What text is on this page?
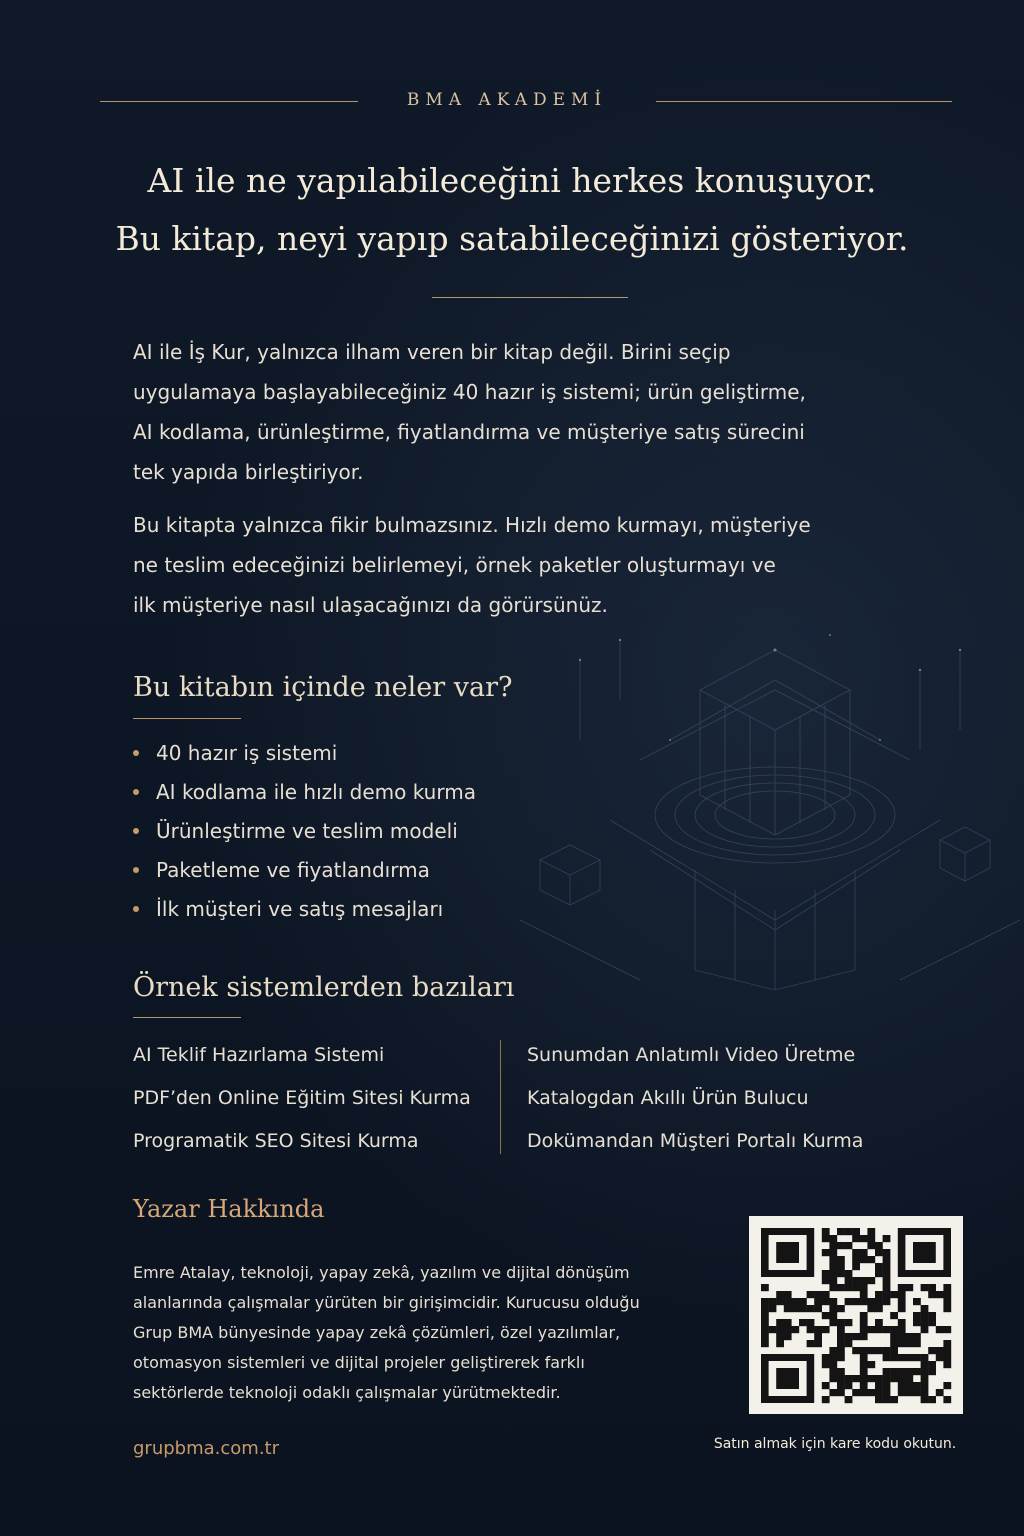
BMA AKADEMİ
AI ile ne yapılabileceğini herkes konuşuyor.
Bu kitap, neyi yapıp satabileceğinizi gösteriyor.
AI ile İş Kur, yalnızca ilham veren bir kitap değil. Birini seçip
uygulamaya başlayabileceğiniz 40 hazır iş sistemi; ürün geliştirme,
AI kodlama, ürünleştirme, fiyatlandırma ve müşteriye satış sürecini
tek yapıda birleştiriyor.
Bu kitapta yalnızca fikir bulmazsınız. Hızlı demo kurmayı, müşteriye
ne teslim edeceğinizi belirlemeyi, örnek paketler oluşturmayı ve
ilk müşteriye nasıl ulaşacağınızı da görürsünüz.
Bu kitabın içinde neler var?
40 hazır iş sistemi
AI kodlama ile hızlı demo kurma
Ürünleştirme ve teslim modeli
Paketleme ve fiyatlandırma
İlk müşteri ve satış mesajları
Örnek sistemlerden bazıları
AI Teklif Hazırlama Sistemi
PDF’den Online Eğitim Sitesi Kurma
Programatik SEO Sitesi Kurma
Sunumdan Anlatımlı Video Üretme
Katalogdan Akıllı Ürün Bulucu
Dokümandan Müşteri Portalı Kurma
Yazar Hakkında
Emre Atalay, teknoloji, yapay zekâ, yazılım ve dijital dönüşüm
alanlarında çalışmalar yürüten bir girişimcidir. Kurucusu olduğu
Grup BMA bünyesinde yapay zekâ çözümleri, özel yazılımlar,
otomasyon sistemleri ve dijital projeler geliştirerek farklı
sektörlerde teknoloji odaklı çalışmalar yürütmektedir.
grupbma.com.tr	Satın almak için kare kodu okutun.
